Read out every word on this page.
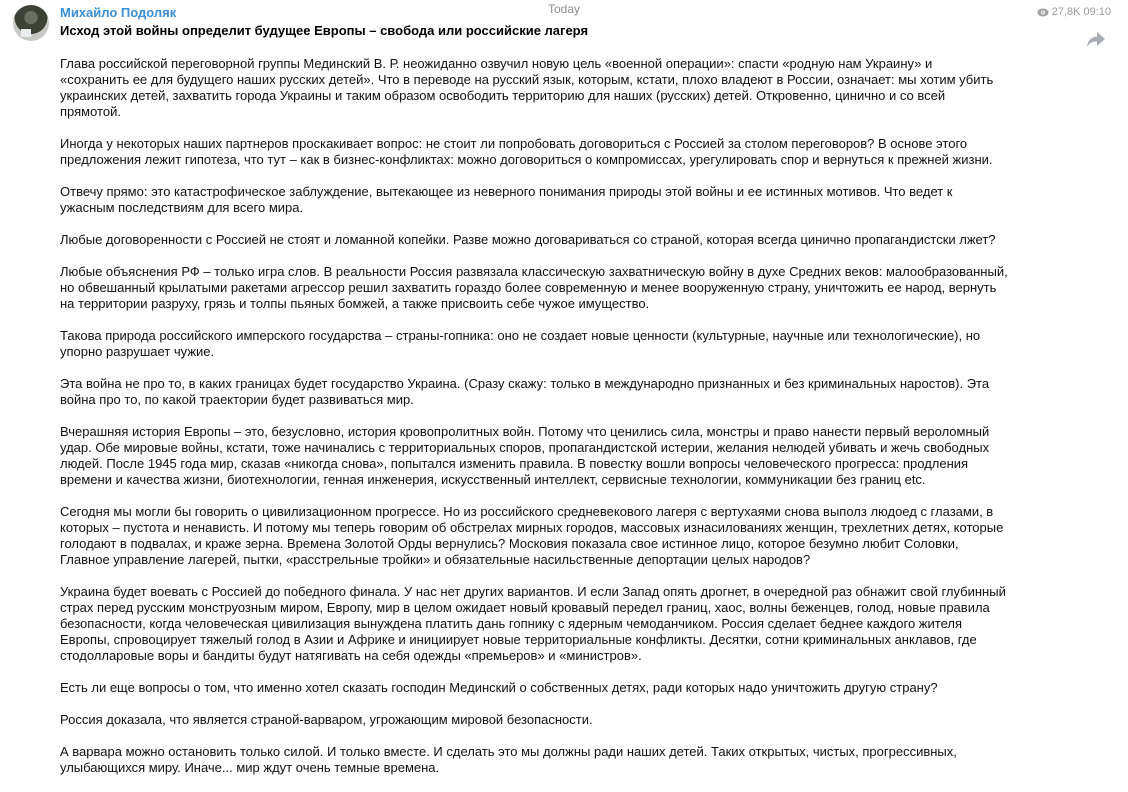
Today
Михайло Подоляк
Исход этой войны определит будущее Европы – свобода или российские лагеря
27,8K 09:10
Глава российской переговорной группы Мединский В. Р. неожиданно озвучил новую цель «военной операции»: спасти «родную нам Украину» и
«сохранить ее для будущего наших русских детей». Что в переводе на русский язык, которым, кстати, плохо владеют в России, означает: мы хотим убить
украинских детей, захватить города Украины и таким образом освободить территорию для наших (русских) детей. Откровенно, цинично и со всей
прямотой.
Иногда у некоторых наших партнеров проскакивает вопрос: не стоит ли попробовать договориться с Россией за столом переговоров? В основе этого
предложения лежит гипотеза, что тут – как в бизнес-конфликтах: можно договориться о компромиссах, урегулировать спор и вернуться к прежней жизни.
Отвечу прямо: это катастрофическое заблуждение, вытекающее из неверного понимания природы этой войны и ее истинных мотивов. Что ведет к
ужасным последствиям для всего мира.
Любые договоренности с Россией не стоят и ломанной копейки. Разве можно договариваться со страной, которая всегда цинично пропагандистски лжет?
Любые объяснения РФ – только игра слов. В реальности Россия развязала классическую захватническую войну в духе Средних веков: малообразованный,
но обвешанный крылатыми ракетами агрессор решил захватить гораздо более современную и менее вооруженную страну, уничтожить ее народ, вернуть
на территории разруху, грязь и толпы пьяных бомжей, а также присвоить себе чужое имущество.
Такова природа российского имперского государства – страны-гопника: оно не создает новые ценности (культурные, научные или технологические), но
упорно разрушает чужие.
Эта война не про то, в каких границах будет государство Украина. (Сразу скажу: только в международно признанных и без криминальных наростов). Эта
война про то, по какой траектории будет развиваться мир.
Вчерашняя история Европы – это, безусловно, история кровопролитных войн. Потому что ценились сила, монстры и право нанести первый вероломный
удар. Обе мировые войны, кстати, тоже начинались с территориальных споров, пропагандистской истерии, желания нелюдей убивать и жечь свободных
людей. После 1945 года мир, сказав «никогда снова», попытался изменить правила. В повестку вошли вопросы человеческого прогресса: продления
времени и качества жизни, биотехнологии, генная инженерия, искусственный интеллект, сервисные технологии, коммуникации без границ etc.
Сегодня мы могли бы говорить о цивилизационном прогрессе. Но из российского средневекового лагеря с вертухаями снова выполз людоед с глазами, в
которых – пустота и ненависть. И потому мы теперь говорим об обстрелах мирных городов, массовых изнасилованиях женщин, трехлетних детях, которые
голодают в подвалах, и краже зерна. Времена Золотой Орды вернулись? Московия показала свое истинное лицо, которое безумно любит Соловки,
Главное управление лагерей, пытки, «расстрельные тройки» и обязательные насильственные депортации целых народов?
Украина будет воевать с Россией до победного финала. У нас нет других вариантов. И если Запад опять дрогнет, в очередной раз обнажит свой глубинный
страх перед русским монструозным миром, Европу, мир в целом ожидает новый кровавый передел границ, хаос, волны беженцев, голод, новые правила
безопасности, когда человеческая цивилизация вынуждена платить дань гопнику с ядерным чемоданчиком. Россия сделает беднее каждого жителя
Европы, спровоцирует тяжелый голод в Азии и Африке и инициирует новые территориальные конфликты. Десятки, сотни криминальных анклавов, где
стодолларовые воры и бандиты будут натягивать на себя одежды «премьеров» и «министров».
Есть ли еще вопросы о том, что именно хотел сказать господин Мединский о собственных детях, ради которых надо уничтожить другую страну?
Россия доказала, что является страной-варваром, угрожающим мировой безопасности.
А варвара можно остановить только силой. И только вместе. И сделать это мы должны ради наших детей. Таких открытых, чистых, прогрессивных,
улыбающихся миру. Иначе... мир ждут очень темные времена.
